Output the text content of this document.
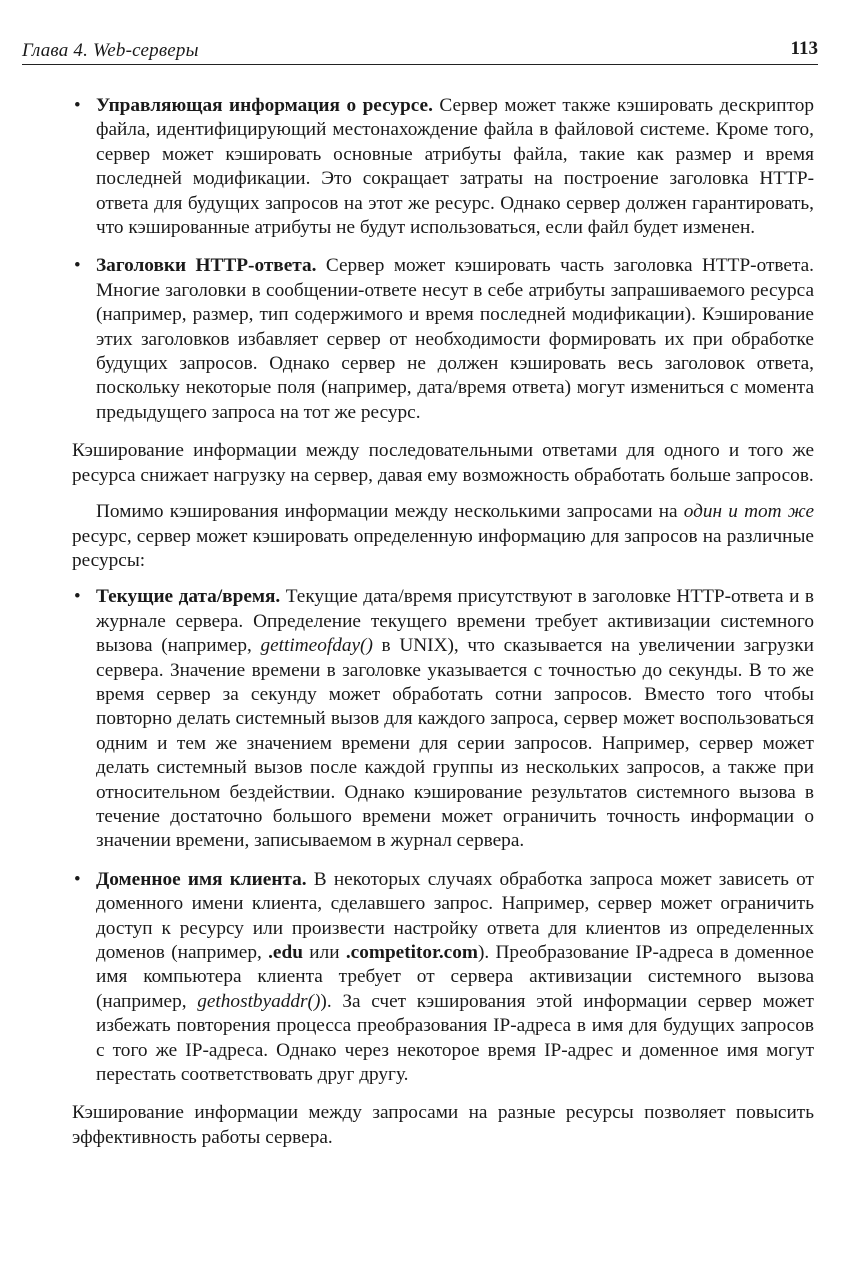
Глава 4. Web-серверы	113
• Управляющая информация о ресурсе. Сервер может также кэшировать дескриптор файла, идентифицирующий местонахождение файла в файловой системе. Кроме того, сервер может кэшировать основные атрибуты файла, такие как размер и время последней модификации. Это сокращает затраты на построение заголовка HTTP-ответа для будущих запросов на этот же ресурс. Однако сервер должен гарантировать, что кэшированные атрибуты не будут использоваться, если файл будет изменен.
• Заголовки HTTP-ответа. Сервер может кэшировать часть заголовка HTTP-ответа. Многие заголовки в сообщении-ответе несут в себе атрибуты запрашиваемого ресурса (например, размер, тип содержимого и время последней модификации). Кэширование этих заголовков избавляет сервер от необходимости формировать их при обработке будущих запросов. Однако сервер не должен кэшировать весь заголовок ответа, поскольку некоторые поля (например, дата/время ответа) могут измениться с момента предыдущего запроса на тот же ресурс.

Кэширование информации между последовательными ответами для одного и того же ресурса снижает нагрузку на сервер, давая ему возможность обработать больше запросов.

Помимо кэширования информации между несколькими запросами на один и тот же ресурс, сервер может кэшировать определенную информацию для запросов на различные ресурсы:

• Текущие дата/время. Текущие дата/время присутствуют в заголовке HTTP-ответа и в журнале сервера. Определение текущего времени требует активизации системного вызова (например, gettimeofday() в UNIX), что сказывается на увеличении загрузки сервера. Значение времени в заголовке указывается с точностью до секунды. В то же время сервер за секунду может обработать сотни запросов. Вместо того чтобы повторно делать системный вызов для каждого запроса, сервер может воспользоваться одним и тем же значением времени для серии запросов. Например, сервер может делать системный вызов после каждой группы из нескольких запросов, а также при относительном бездействии. Однако кэширование результатов системного вызова в течение достаточно большого времени может ограничить точность информации о значении времени, записываемом в журнал сервера.
• Доменное имя клиента. В некоторых случаях обработка запроса может зависеть от доменного имени клиента, сделавшего запрос. Например, сервер может ограничить доступ к ресурсу или произвести настройку ответа для клиентов из определенных доменов (например, .edu или .competitor.com). Преобразование IP-адреса в доменное имя компьютера клиента требует от сервера активизации системного вызова (например, gethostbyaddr()). За счет кэширования этой информации сервер может избежать повторения процесса преобразования IP-адреса в имя для будущих запросов с того же IP-адреса. Однако через некоторое время IP-адрес и доменное имя могут перестать соответствовать друг другу.

Кэширование информации между запросами на разные ресурсы позволяет повысить эффективность работы сервера.
